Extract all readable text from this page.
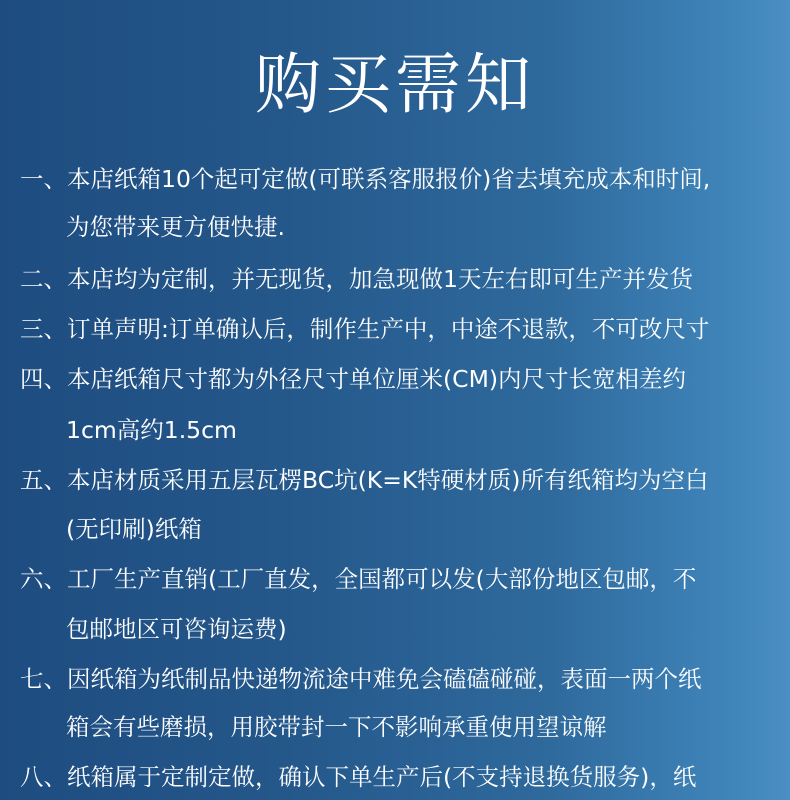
购买需知
一、本店纸箱10个起可定做(可联系客服报价)省去填充成本和时间,
为您带来更方便快捷.
二、本店均为定制，并无现货，加急现做1天左右即可生产并发货
三、订单声明:订单确认后，制作生产中，中途不退款，不可改尺寸
四、本店纸箱尺寸都为外径尺寸单位厘米(CM)内尺寸长宽相差约
1cm高约1.5cm
五、本店材质采用五层瓦楞BC坑(K=K特硬材质)所有纸箱均为空白
(无印刷)纸箱
六、工厂生产直销(工厂直发，全国都可以发(大部份地区包邮，不
包邮地区可咨询运费)
七、因纸箱为纸制品快递物流途中难免会磕磕碰碰，表面一两个纸
箱会有些磨损，用胶带封一下不影响承重使用望谅解
八、纸箱属于定制定做，确认下单生产后(不支持退换货服务)，纸
